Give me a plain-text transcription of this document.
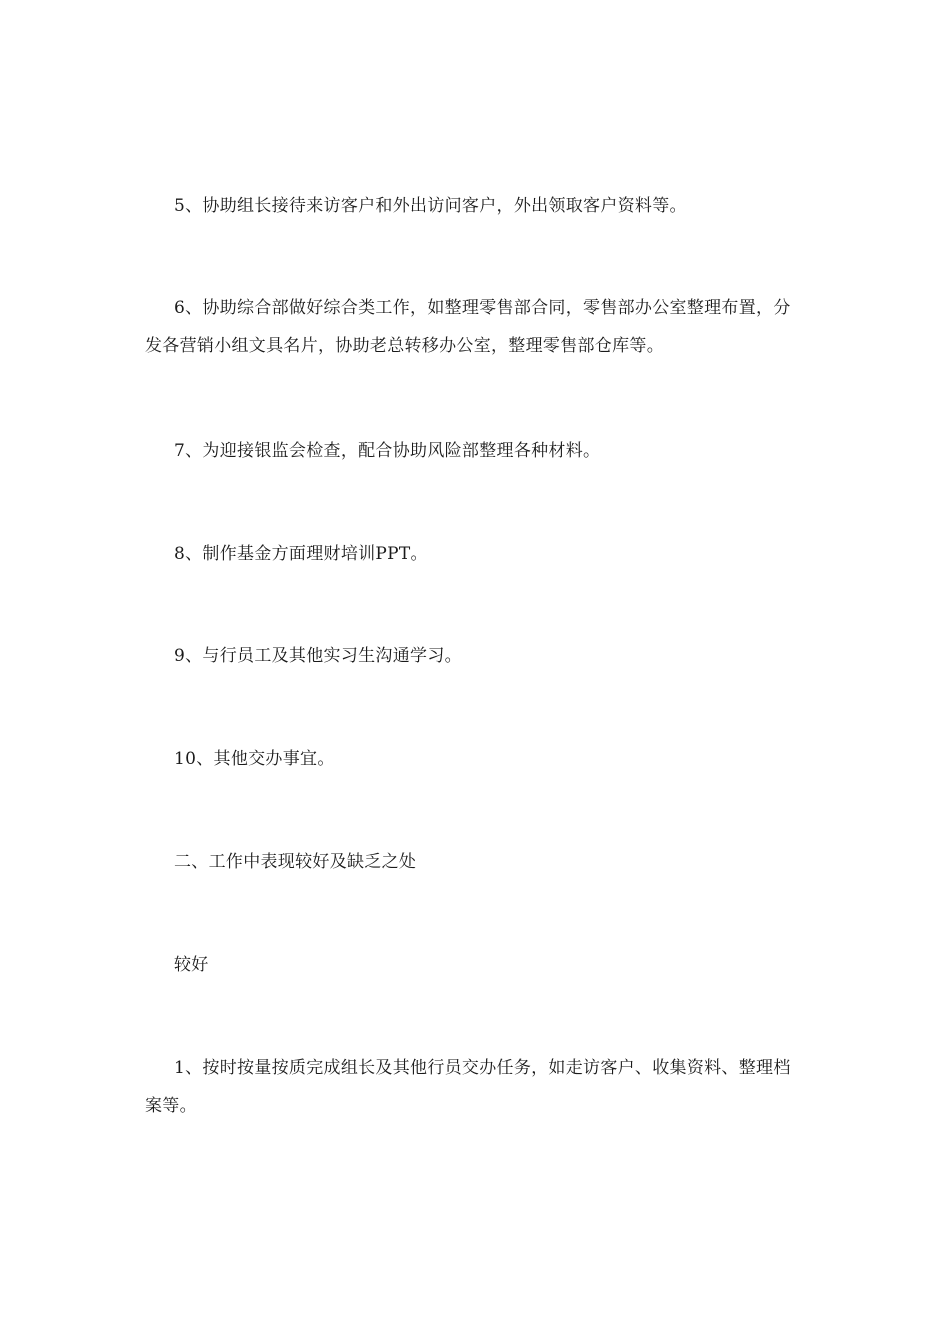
5、协助组长接待来访客户和外出访问客户，外出领取客户资料等。

6、协助综合部做好综合类工作，如整理零售部合同，零售部办公室整理布置，分发各营销小组文具名片，协助老总转移办公室，整理零售部仓库等。

7、为迎接银监会检查，配合协助风险部整理各种材料。

8、制作基金方面理财培训PPT。

9、与行员工及其他实习生沟通学习。

10、其他交办事宜。

二、工作中表现较好及缺乏之处

较好

1、按时按量按质完成组长及其他行员交办任务，如走访客户、收集资料、整理档案等。
